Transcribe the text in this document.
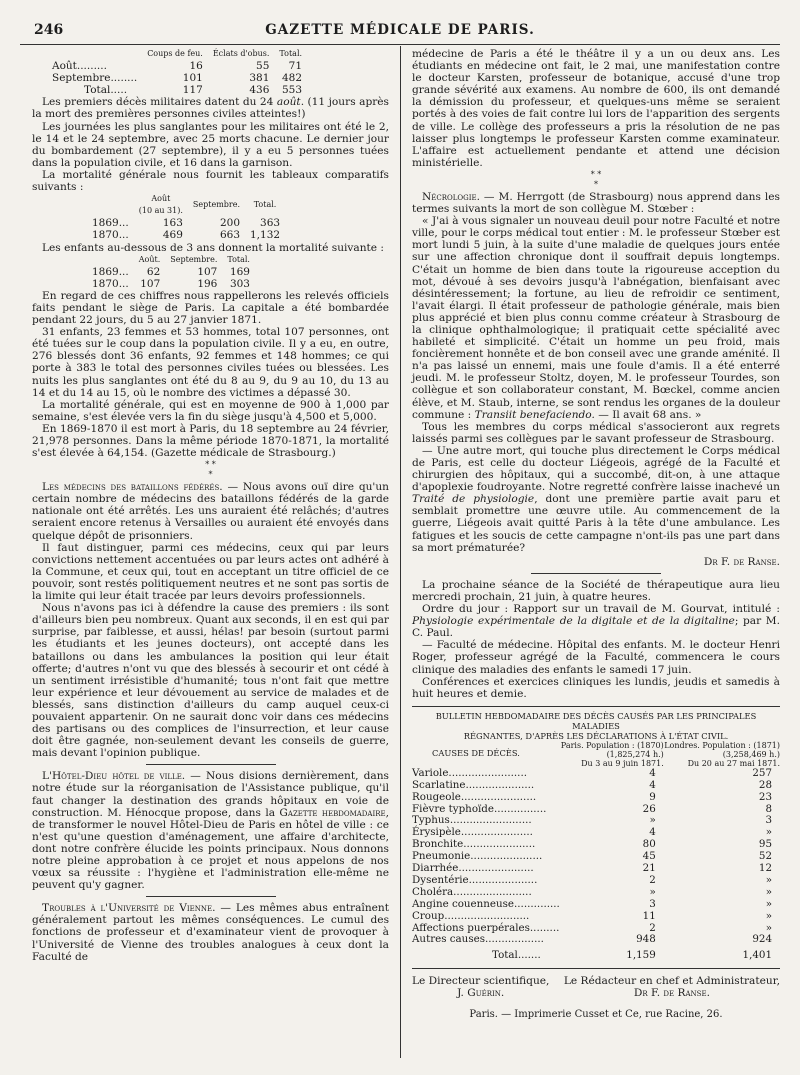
246	GAZETTE MÉDICALE DE PARIS.
	Coups de feu.	Éclats d'obus.	Total.
Août.........	16	55	71
Septembre........	101	381	482
Total.....	117	436	553

Les premiers décès militaires datent du 24 août. (11 jours après la mort des premières personnes civiles atteintes!)

Les journées les plus sanglantes pour les militaires ont été le 2, le 14 et le 24 septembre, avec 25 morts chacune. Le dernier jour du bombardement (27 septembre), il y a eu 5 personnes tuées dans la population civile, et 16 dans la garnison.

La mortalité générale nous fournit les tableaux comparatifs suivants :

	Août
(10 au 31).	Septembre.	Total.
1869...	163	200	363
1870...	469	663	1,132

Les enfants au-dessous de 3 ans donnent la mortalité suivante :

	Août.	Septembre.	Total.
1869...	62	107	169
1870...	107	196	303

En regard de ces chiffres nous rappellerons les relevés officiels faits pendant le siège de Paris. La capitale a été bombardée pendant 22 jours, du 5 au 27 janvier 1871.

31 enfants, 23 femmes et 53 hommes, total 107 personnes, ont été tuées sur le coup dans la population civile. Il y a eu, en outre, 276 blessés dont 36 enfants, 92 femmes et 148 hommes; ce qui porte à 383 le total des personnes civiles tuées ou blessées. Les nuits les plus sanglantes ont été du 8 au 9, du 9 au 10, du 13 au 14 et du 14 au 15, où le nombre des victimes a dépassé 30.

La mortalité générale, qui est en moyenne de 900 à 1,000 par semaine, s'est élevée vers la fin du siège jusqu'à 4,500 et 5,000.

En 1869-1870 il est mort à Paris, du 18 septembre au 24 février, 21,978 personnes. Dans la même période 1870-1871, la mortalité s'est élevée à 64,154. (Gazette médicale de Strasbourg.)

* *
*

Les médecins des bataillons fédérés. — Nous avons ouï dire qu'un certain nombre de médecins des bataillons fédérés de la garde nationale ont été arrêtés. Les uns auraient été relâchés; d'autres seraient encore retenus à Versailles ou auraient été envoyés dans quelque dépôt de prisonniers.

Il faut distinguer, parmi ces médecins, ceux qui par leurs convictions nettement accentuées ou par leurs actes ont adhéré à la Commune, et ceux qui, tout en acceptant un titre officiel de ce pouvoir, sont restés politiquement neutres et ne sont pas sortis de la limite qui leur était tracée par leurs devoirs professionnels.

Nous n'avons pas ici à défendre la cause des premiers : ils sont d'ailleurs bien peu nombreux. Quant aux seconds, il en est qui par surprise, par faiblesse, et aussi, hélas! par besoin (surtout parmi les étudiants et les jeunes docteurs), ont accepté dans les bataillons ou dans les ambulances la position qui leur était offerte; d'autres n'ont vu que des blessés à secourir et ont cédé à un sentiment irrésistible d'humanité; tous n'ont fait que mettre leur expérience et leur dévouement au service de malades et de blessés, sans distinction d'ailleurs du camp auquel ceux-ci pouvaient appartenir. On ne saurait donc voir dans ces médecins des partisans ou des complices de l'insurrection, et leur cause doit être gagnée, non-seulement devant les conseils de guerre, mais devant l'opinion publique.

L'Hôtel-Dieu hôtel de ville. — Nous disions dernièrement, dans notre étude sur la réorganisation de l'Assistance publique, qu'il faut changer la destination des grands hôpitaux en voie de construction. M. Hénocque propose, dans la Gazette hebdomadaire, de transformer le nouvel Hôtel-Dieu de Paris en hôtel de ville : ce n'est qu'une question d'aménagement, une affaire d'architecte, dont notre confrère élucide les points principaux. Nous donnons notre pleine approbation à ce projet et nous appelons de nos vœux sa réussite : l'hygiène et l'administration elle-même ne peuvent qu'y gagner.

Troubles à l'Université de Vienne. — Les mêmes abus entraînent généralement partout les mêmes conséquences. Le cumul des fonctions de professeur et d'examinateur vient de provoquer à l'Université de Vienne des troubles analogues à ceux dont la Faculté de

médecine de Paris a été le théâtre il y a un ou deux ans. Les étudiants en médecine ont fait, le 2 mai, une manifestation contre le docteur Karsten, professeur de botanique, accusé d'une trop grande sévérité aux examens. Au nombre de 600, ils ont demandé la démission du professeur, et quelques-uns même se seraient portés à des voies de fait contre lui lors de l'apparition des sergents de ville. Le collège des professeurs a pris la résolution de ne pas laisser plus longtemps le professeur Karsten comme examinateur. L'affaire est actuellement pendante et attend une décision ministérielle.

* *
*

Nécrologie. — M. Herrgott (de Strasbourg) nous apprend dans les termes suivants la mort de son collègue M. Stœber :

« J'ai à vous signaler un nouveau deuil pour notre Faculté et notre ville, pour le corps médical tout entier : M. le professeur Stœber est mort lundi 5 juin, à la suite d'une maladie de quelques jours entée sur une affection chronique dont il souffrait depuis longtemps. C'était un homme de bien dans toute la rigoureuse acception du mot, dévoué à ses devoirs jusqu'à l'abnégation, bienfaisant avec désintéressement; la fortune, au lieu de refroidir ce sentiment, l'avait élargi. Il était professeur de pathologie générale, mais bien plus apprécié et bien plus connu comme créateur à Strasbourg de la clinique ophthalmologique; il pratiquait cette spécialité avec habileté et simplicité. C'était un homme un peu froid, mais foncièrement honnête et de bon conseil avec une grande aménité. Il n'a pas laissé un ennemi, mais une foule d'amis. Il a été enterré jeudi. M. le professeur Stoltz, doyen, M. le professeur Tourdes, son collègue et son collaborateur constant, M. Bœckel, comme ancien élève, et M. Staub, interne, se sont rendus les organes de la douleur commune : Transiit benefaciendo. — Il avait 68 ans. »

Tous les membres du corps médical s'associeront aux regrets laissés parmi ses collègues par le savant professeur de Strasbourg.

— Une autre mort, qui touche plus directement le Corps médical de Paris, est celle du docteur Liégeois, agrégé de la Faculté et chirurgien des hôpitaux, qui a succombé, dit-on, à une attaque d'apoplexie foudroyante. Notre regretté confrère laisse inachevé un Traité de physiologie, dont une première partie avait paru et semblait promettre une œuvre utile. Au commencement de la guerre, Liégeois avait quitté Paris à la tête d'une ambulance. Les fatigues et les soucis de cette campagne n'ont-ils pas une part dans sa mort prématurée?

Dr F. de Ranse.

La prochaine séance de la Société de thérapeutique aura lieu mercredi prochain, 21 juin, à quatre heures.

Ordre du jour : Rapport sur un travail de M. Gourvat, intitulé : Physiologie expérimentale de la digitale et de la digitaline; par M. C. Paul.

— Faculté de médecine. Hôpital des enfants. M. le docteur Henri Roger, professeur agrégé de la Faculté, commencera le cours clinique des maladies des enfants le samedi 17 juin.

Conférences et exercices cliniques les lundis, jeudis et samedis à huit heures et demie.

BULLETIN HEBDOMADAIRE DES DÉCÈS CAUSÉS PAR LES PRINCIPALES MALADIES
RÉGNANTES, D'APRÈS LES DÉCLARATIONS À L'ÉTAT CIVIL.
CAUSES DE DÉCÈS.	Paris. Population : (1870)
(1,825,274 h.)
Du 3 au 9 juin 1871.	Londres. Population : (1871)
(3,258,469 h.)
Du 20 au 27 mai 1871.
Variole........................	4	257
Scarlatine.....................	4	28
Rougeole.......................	9	23
Fièvre typhoïde................	26	8
Typhus.........................	»	3
Érysipèle......................	4	»
Bronchite......................	80	95
Pneumonie......................	45	52
Diarrhée.......................	21	12
Dysentérie.....................	2	»
Choléra........................	»	»
Angine couenneuse..............	3	»
Croup..........................	11	»
Affections puerpérales.........	2	»
Autres causes..................	948	924
Total.......	1,159	1,401
Le Directeur scientifique,
J. Guérin.
Le Rédacteur en chef et Administrateur,
Dr F. de Ranse.
Paris. — Imprimerie Cusset et Ce, rue Racine, 26.
